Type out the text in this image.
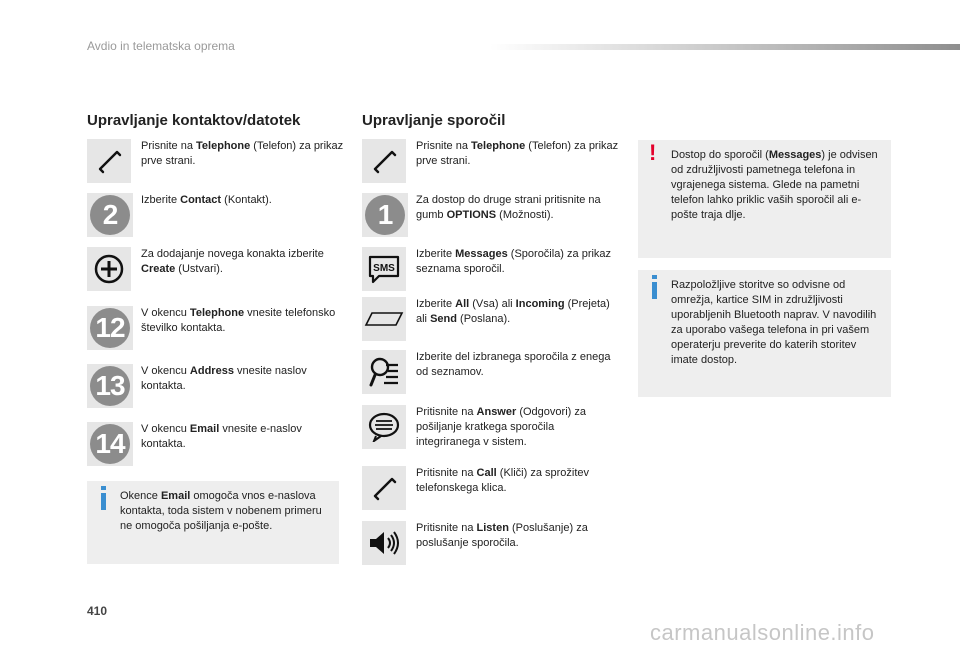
Avdio in telematska oprema
Upravljanje kontaktov/datotek
Prisnite na Telephone (Telefon) za prikaz prve strani.
2	Izberite Contact (Kontakt).
Za dodajanje novega konakta izberite Create (Ustvari).
12	V okencu Telephone vnesite telefonsko številko kontakta.
13	V okencu Address vnesite naslov kontakta.
14	V okencu Email vnesite e-naslov kontakta.
Okence Email omogoča vnos e-naslova kontakta, toda sistem v nobenem primeru ne omogoča pošiljanja e-pošte.
Upravljanje sporočil
Prisnite na Telephone (Telefon) za prikaz prve strani.
1	Za dostop do druge strani pritisnite na gumb OPTIONS (Možnosti).
SMS
Izberite Messages (Sporočila) za prikaz seznama sporočil.
Izberite All (Vsa) ali Incoming (Prejeta) ali Send (Poslana).
Izberite del izbranega sporočila z enega od seznamov.
Pritisnite na Answer (Odgovori) za pošiljanje kratkega sporočila integriranega v sistem.
Pritisnite na Call (Kliči) za sprožitev telefonskega klica.
Pritisnite na Listen (Poslušanje) za poslušanje sporočila.
! Dostop do sporočil (Messages) je odvisen od združljivosti pametnega telefona in vgrajenega sistema. Glede na pametni telefon lahko priklic vaših sporočil ali e-pošte traja dlje.
Razpoložljive storitve so odvisne od omrežja, kartice SIM in združljivosti uporabljenih Bluetooth naprav. V navodilih za uporabo vašega telefona in pri vašem operaterju preverite do katerih storitev imate dostop.
410
carmanualsonline.info
